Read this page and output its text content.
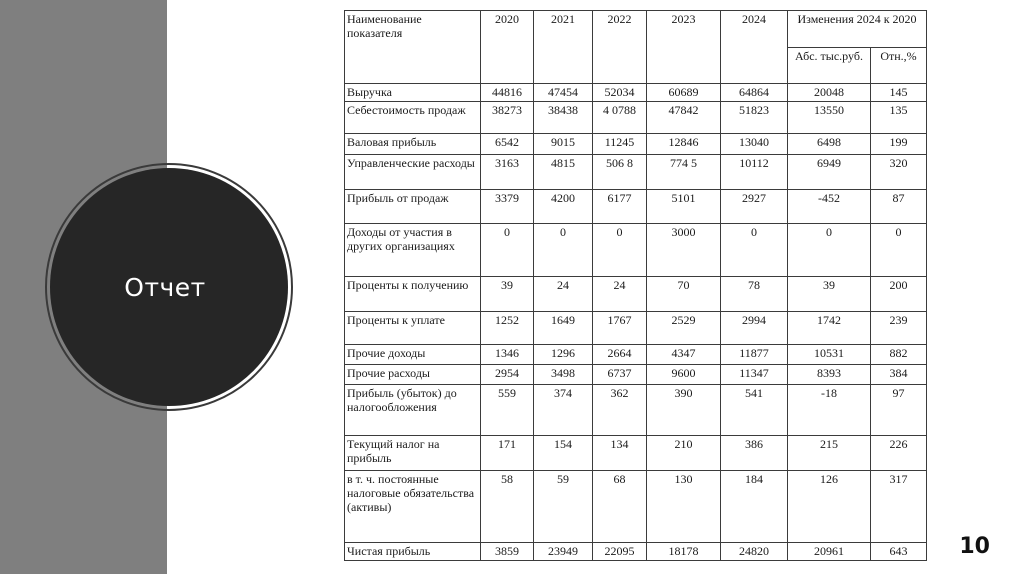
Отчет
Наименование показателя	2020	2021	2022	2023	2024	Изменения 2024 к 2020	
						Абс. тыс.руб.	Отн.,%
Выручка	44816	47454	52034	60689	64864	20048	145
Себестоимость продаж	38273	38438	4 0788	47842	51823	13550	135
Валовая прибыль	6542	9015	11245	12846	13040	6498	199
Управленческие расходы	3163	4815	506 8	774 5	10112	6949	320
Прибыль от продаж	3379	4200	6177	5101	2927	-452	87
Доходы от участия в других организациях	0	0	0	3000	0	0	0
Проценты к получению	39	24	24	70	78	39	200
Проценты к уплате	1252	1649	1767	2529	2994	1742	239
Прочие доходы	1346	1296	2664	4347	11877	10531	882
Прочие расходы	2954	3498	6737	9600	11347	8393	384
Прибыль (убыток) до налогообложения	559	374	362	390	541	-18	97
Текущий налог на прибыль	171	154	134	210	386	215	226
в т. ч. постоянные налоговые обязательства (активы)	58	59	68	130	184	126	317
Чистая прибыль	3859	23949	22095	18178	24820	20961	643 10
